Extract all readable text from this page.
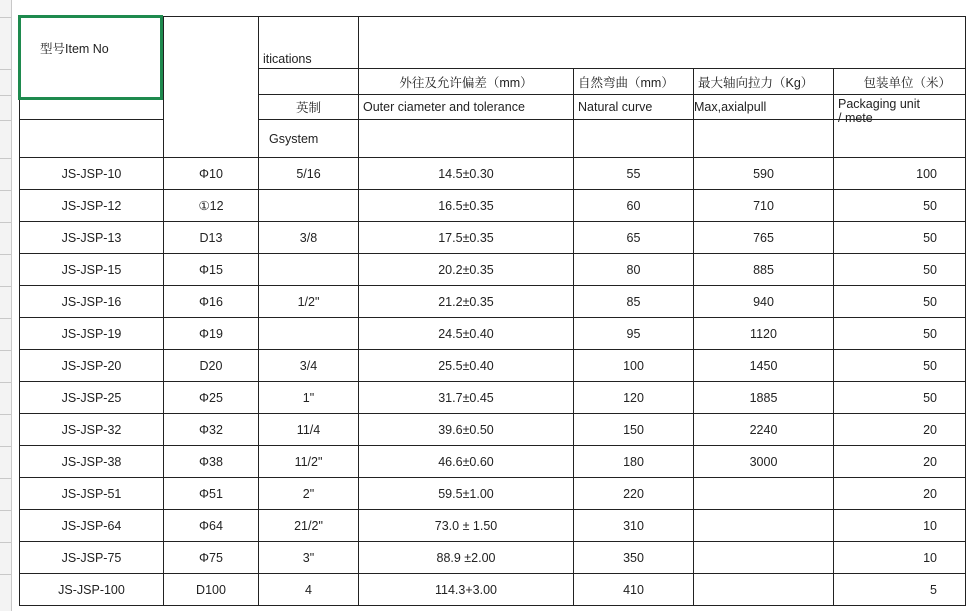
型号Item No		itications				
			外往及允许偏差（mm）	自然弯曲（mm）	最大轴向拉力（Kg）	包装单位（米）
		英制	Outer ciameter and tolerance	Natural curve	Max,axialpull	Packaging unit
/ mete

		Gsystem				
JS-JSP-10	Φ10	5/16	14.5±0.30	55	590	100
JS-JSP-12	①12		16.5±0.35	60	710	50
JS-JSP-13	D13	3/8	17.5±0.35	65	765	50
JS-JSP-15	Φ15		20.2±0.35	80	885	50
JS-JSP-16	Φ16	1/2"	21.2±0.35	85	940	50
JS-JSP-19	Φ19		24.5±0.40	95	1120	50
JS-JSP-20	D20	3/4	25.5±0.40	100	1450	50
JS-JSP-25	Φ25	1"	31.7±0.45	120	1885	50
JS-JSP-32	Φ32	11/4	39.6±0.50	150	2240	20
JS-JSP-38	Φ38	11/2"	46.6±0.60	180	3000	20
JS-JSP-51	Φ51	2"	59.5±1.00	220		20
JS-JSP-64	Φ64	21/2"	73.0 ± 1.50	310		10
JS-JSP-75	Φ75	3"	88.9 ±2.00	350		10
JS-JSP-100	D100	4	114.3+3.00	410		5
